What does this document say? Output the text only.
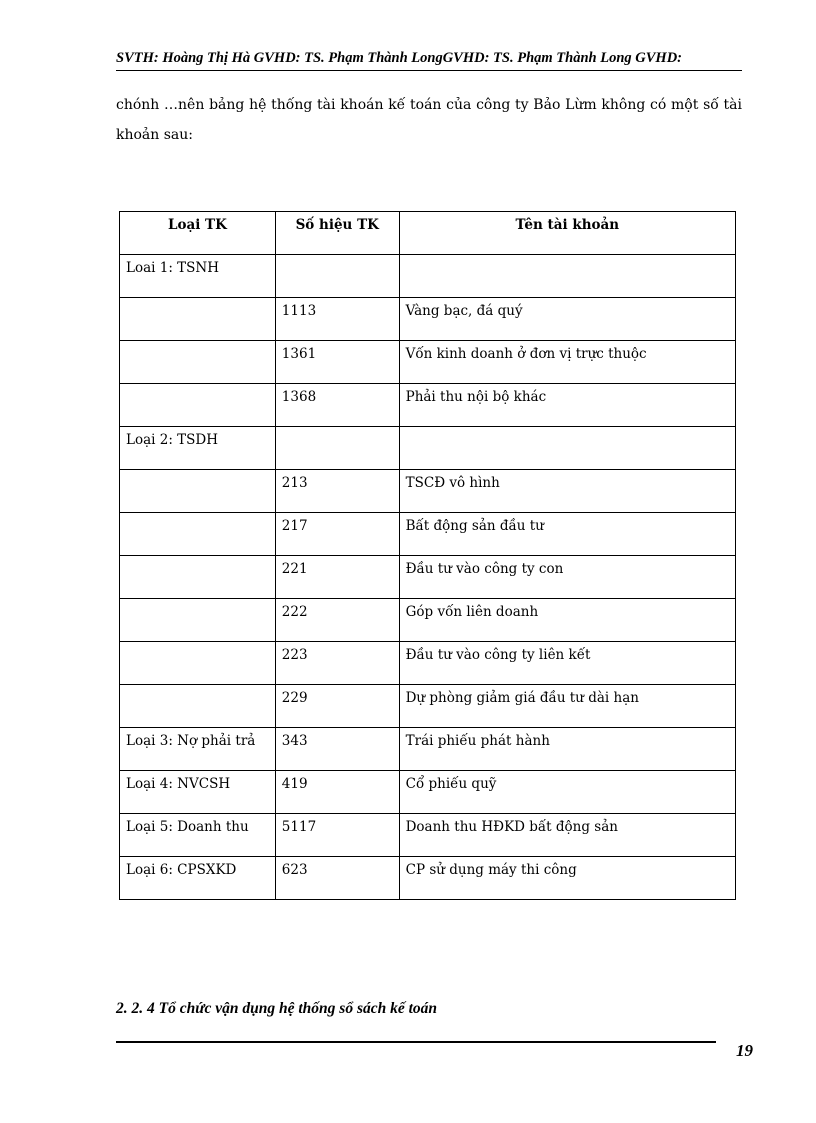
SVTH: Hoàng Thị Hà GVHD: TS. Phạm Thành LongGVHD: TS. Phạm Thành Long GVHD:
chónh …nên bảng hệ thống tài khoán kế toán của công ty Bảo Lừm không có một số tài khoản sau:
Loại TK	Số hiệu TK	Tên tài khoản
Loai 1: TSNH		
	1113	Vàng bạc, đá quý
	1361	Vốn kinh doanh ở đơn vị trực thuộc
	1368	Phải thu nội bộ khác
Loại 2: TSDH		
	213	TSCĐ vô hình
	217	Bất động sản đầu tư
	221	Đầu tư vào công ty con
	222	Góp vốn liên doanh
	223	Đầu tư vào công ty liên kết
	229	Dự phòng giảm giá đầu tư dài hạn
Loại 3: Nợ phải trả	343	Trái phiếu phát hành
Loại 4: NVCSH	419	Cổ phiếu quỹ
Loại 5: Doanh thu	5117	Doanh thu HĐKD bất động sản
Loại 6: CPSXKD	623	CP sử dụng máy thi công
2. 2. 4 Tổ chức vận dụng hệ thống sổ sách kế toán
19
